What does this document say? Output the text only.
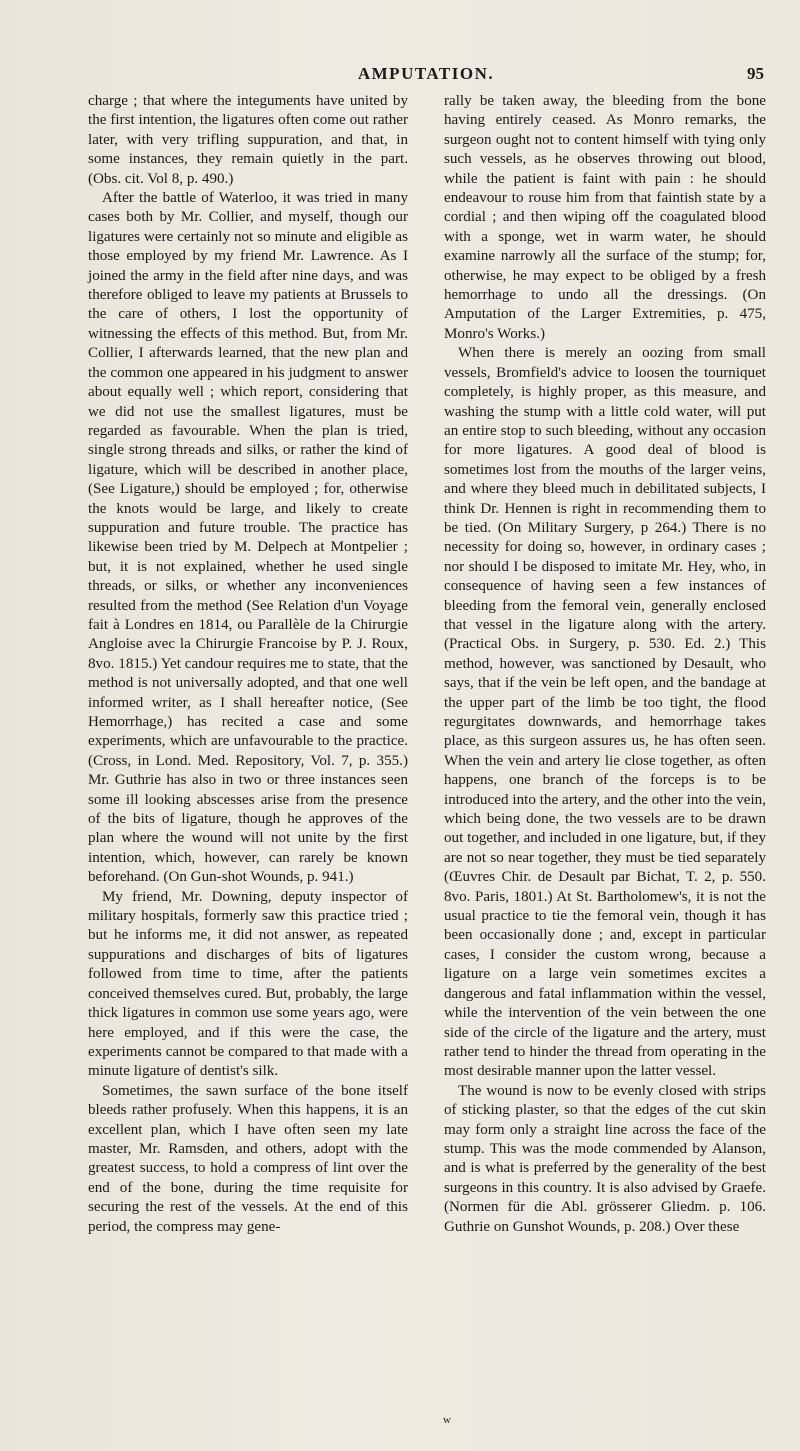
AMPUTATION.	95

charge ; that where the integuments have united by the first intention, the ligatures often come out rather later, with very trifling suppuration, and that, in some instances, they remain quietly in the part. (Obs. cit. Vol 8, p. 490.)

After the battle of Waterloo, it was tried in many cases both by Mr. Collier, and myself, though our ligatures were certainly not so minute and eligible as those employed by my friend Mr. Lawrence. As I joined the army in the field after nine days, and was therefore obliged to leave my patients at Brussels to the care of others, I lost the opportunity of witnessing the effects of this method. But, from Mr. Collier, I afterwards learned, that the new plan and the common one appeared in his judgment to answer about equally well ; which report, considering that we did not use the smallest ligatures, must be regarded as favourable. When the plan is tried, single strong threads and silks, or rather the kind of ligature, which will be described in another place, (See Ligature,) should be employed ; for, otherwise the knots would be large, and likely to create suppuration and future trouble. The practice has likewise been tried by M. Delpech at Montpelier ; but, it is not explained, whether he used single threads, or silks, or whether any inconveniences resulted from the method (See Relation d'un Voyage fait à Londres en 1814, ou Parallèle de la Chirurgie Angloise avec la Chirurgie Francoise by P. J. Roux, 8vo. 1815.) Yet candour requires me to state, that the method is not universally adopted, and that one well informed writer, as I shall hereafter notice, (See Hemorrhage,) has recited a case and some experiments, which are unfavourable to the practice. (Cross, in Lond. Med. Repository, Vol. 7, p. 355.) Mr. Guthrie has also in two or three instances seen some ill looking abscesses arise from the presence of the bits of ligature, though he approves of the plan where the wound will not unite by the first intention, which, however, can rarely be known beforehand. (On Gun-shot Wounds, p. 941.)

My friend, Mr. Downing, deputy inspector of military hospitals, formerly saw this practice tried ; but he informs me, it did not answer, as repeated suppurations and discharges of bits of ligatures followed from time to time, after the patients conceived themselves cured. But, probably, the large thick ligatures in common use some years ago, were here employed, and if this were the case, the experiments cannot be compared to that made with a minute ligature of dentist's silk.

Sometimes, the sawn surface of the bone itself bleeds rather profusely. When this happens, it is an excellent plan, which I have often seen my late master, Mr. Ramsden, and others, adopt with the greatest success, to hold a compress of lint over the end of the bone, during the time requisite for securing the rest of the vessels. At the end of this period, the compress may gene-

rally be taken away, the bleeding from the bone having entirely ceased. As Monro remarks, the surgeon ought not to content himself with tying only such vessels, as he observes throwing out blood, while the patient is faint with pain : he should endeavour to rouse him from that faintish state by a cordial ; and then wiping off the coagulated blood with a sponge, wet in warm water, he should examine narrowly all the surface of the stump; for, otherwise, he may expect to be obliged by a fresh hemorrhage to undo all the dressings. (On Amputation of the Larger Extremities, p. 475, Monro's Works.)

When there is merely an oozing from small vessels, Bromfield's advice to loosen the tourniquet completely, is highly proper, as this measure, and washing the stump with a little cold water, will put an entire stop to such bleeding, without any occasion for more ligatures. A good deal of blood is sometimes lost from the mouths of the larger veins, and where they bleed much in debilitated subjects, I think Dr. Hennen is right in recommending them to be tied. (On Military Surgery, p 264.) There is no necessity for doing so, however, in ordinary cases ; nor should I be disposed to imitate Mr. Hey, who, in consequence of having seen a few instances of bleeding from the femoral vein, generally enclosed that vessel in the ligature along with the artery. (Practical Obs. in Surgery, p. 530. Ed. 2.) This method, however, was sanctioned by Desault, who says, that if the vein be left open, and the bandage at the upper part of the limb be too tight, the flood regurgitates downwards, and hemorrhage takes place, as this surgeon assures us, he has often seen. When the vein and artery lie close together, as often happens, one branch of the forceps is to be introduced into the artery, and the other into the vein, which being done, the two vessels are to be drawn out together, and included in one ligature, but, if they are not so near together, they must be tied separately (Œuvres Chir. de Desault par Bichat, T. 2, p. 550. 8vo. Paris, 1801.) At St. Bartholomew's, it is not the usual practice to tie the femoral vein, though it has been occasionally done ; and, except in particular cases, I consider the custom wrong, because a ligature on a large vein sometimes excites a dangerous and fatal inflammation within the vessel, while the intervention of the vein between the one side of the circle of the ligature and the artery, must rather tend to hinder the thread from operating in the most desirable manner upon the latter vessel.

The wound is now to be evenly closed with strips of sticking plaster, so that the edges of the cut skin may form only a straight line across the face of the stump. This was the mode commended by Alanson, and is what is preferred by the generality of the best surgeons in this country. It is also advised by Graefe. (Normen für die Abl. grösserer Gliedm. p. 106. Guthrie on Gunshot Wounds, p. 208.) Over these

w
